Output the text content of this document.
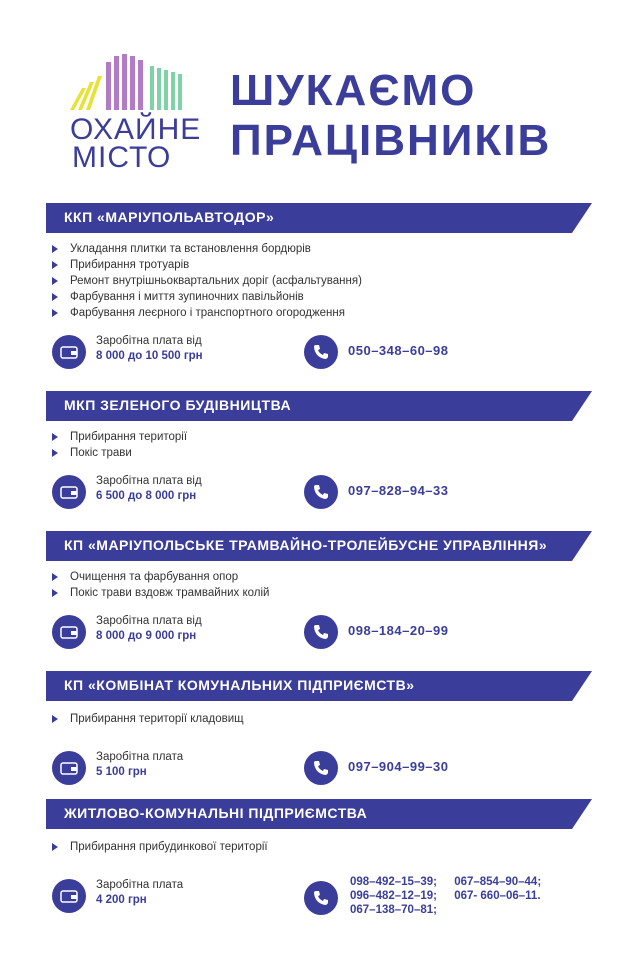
ОХАЙНЕ
МІСТО
ШУКАЄМО
ПРАЦІВНИКІВ
ККП «МАРІУПОЛЬАВТОДОР»
Укладання плитки та встановлення бордюрів
Прибирання тротуарів
Ремонт внутрішньоквартальних доріг (асфальтування)
Фарбування і миття зупиночних павільйонів
Фарбування леєрного і транспортного огородження
Заробітна плата від
8 000 до 10 500 грн	050–348–60–98
МКП ЗЕЛЕНОГО БУДІВНИЦТВА
Прибирання території
Покіс трави
Заробітна плата від
6 500 до 8 000 грн	097–828–94–33
КП «МАРІУПОЛЬСЬКЕ ТРАМВАЙНО-ТРОЛЕЙБУСНЕ УПРАВЛІННЯ»
Очищення та фарбування опор
Покіс трави вздовж трамвайних колій
Заробітна плата від
8 000 до 9 000 грн	098–184–20–99
КП «КОМБІНАТ КОМУНАЛЬНИХ ПІДПРИЄМСТВ»
Прибирання території кладовищ
Заробітна плата
5 100 грн	097–904–99–30
ЖИТЛОВО-КОМУНАЛЬНІ ПІДПРИЄМСТВА
Прибирання прибудинкової території
Заробітна плата
4 200 грн
098–492–15–39;
096–482–12–19;
067–138–70–81;

067–854–90–44;
067- 660–06–11.
